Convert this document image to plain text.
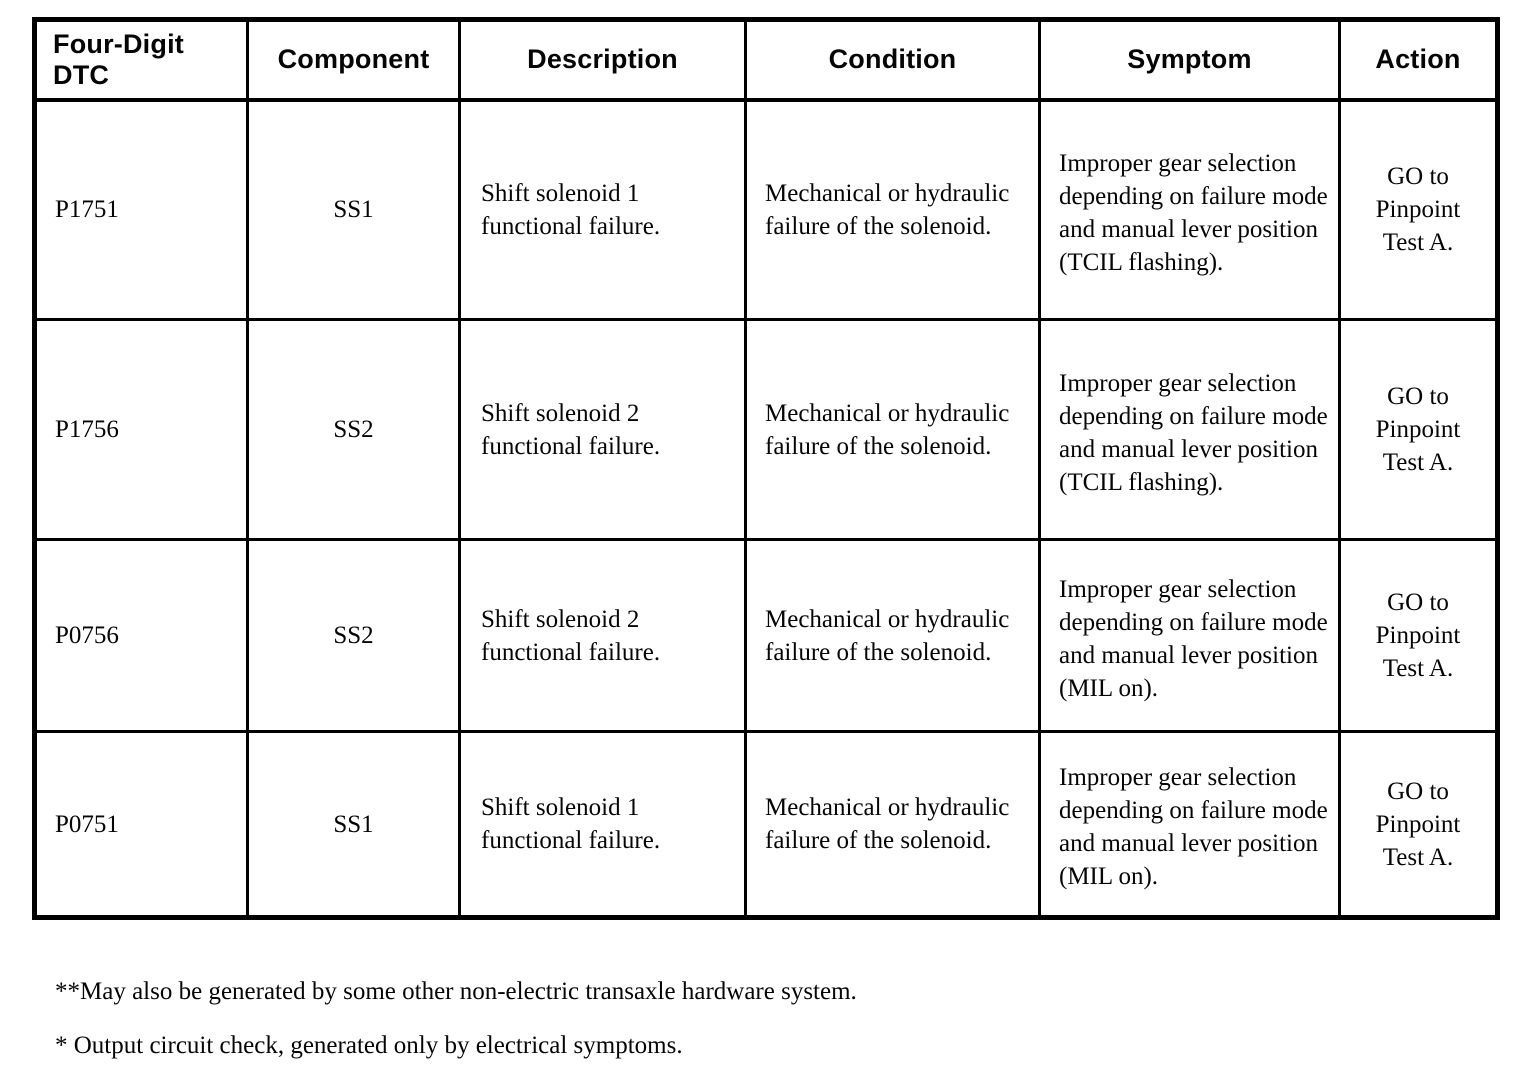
Four-Digit DTC	Component	Description	Condition	Symptom	Action
P1751	SS1	Shift solenoid 1 functional failure.	Mechanical or hydraulic failure of the solenoid.	Improper gear selection depending on failure mode and manual lever position (TCIL flashing).	GO to Pinpoint Test A.
P1756	SS2	Shift solenoid 2 functional failure.	Mechanical or hydraulic failure of the solenoid.	Improper gear selection depending on failure mode and manual lever position (TCIL flashing).	GO to Pinpoint Test A.
P0756	SS2	Shift solenoid 2 functional failure.	Mechanical or hydraulic failure of the solenoid.	Improper gear selection depending on failure mode and manual lever position (MIL on).	GO to Pinpoint Test A.
P0751	SS1	Shift solenoid 1 functional failure.	Mechanical or hydraulic failure of the solenoid.	Improper gear selection depending on failure mode and manual lever position (MIL on).	GO to Pinpoint Test A.

**May also be generated by some other non-electric transaxle hardware system.

* Output circuit check, generated only by electrical symptoms.
